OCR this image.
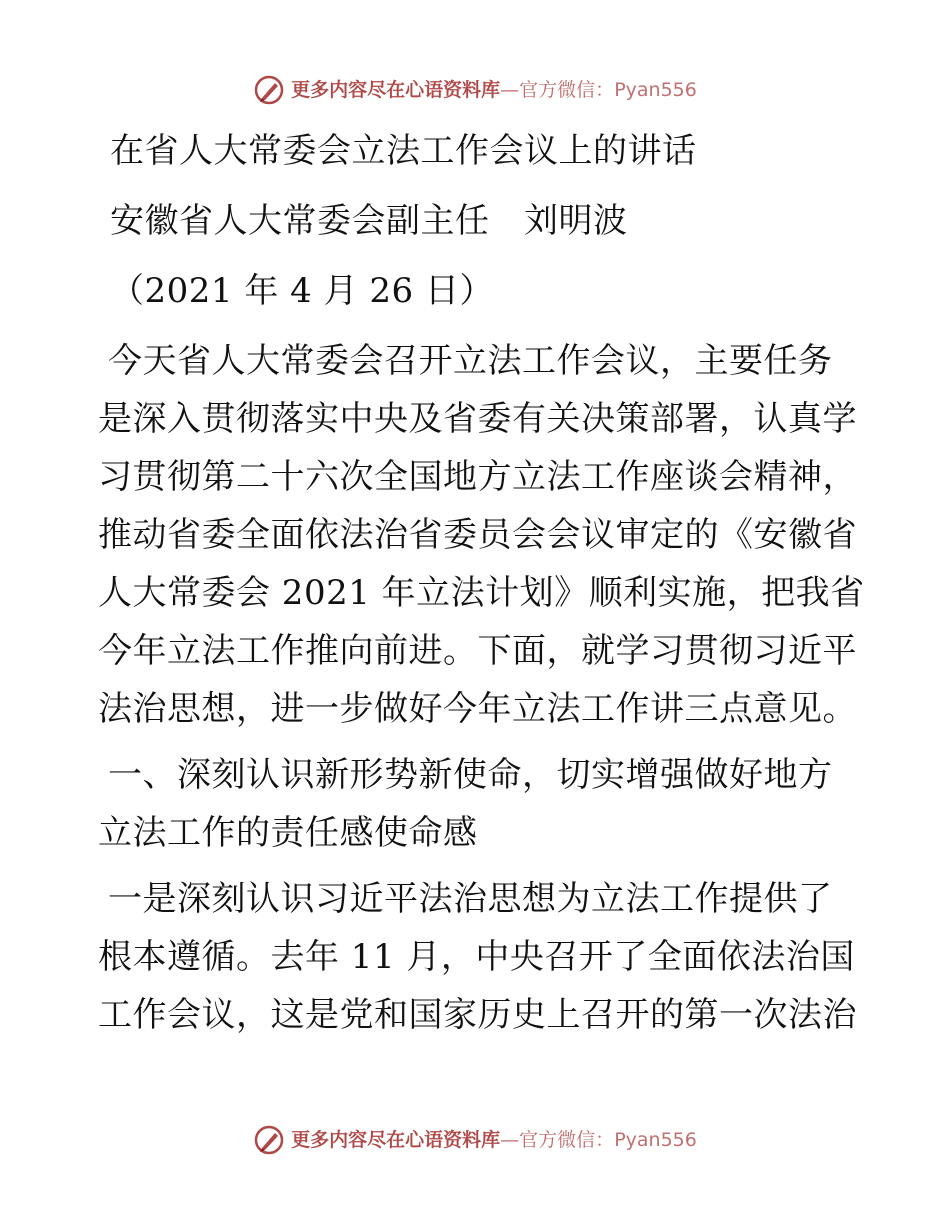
更多内容尽在心语资料库 — 官方微信： Pyan556
在省人大常委会立法工作会议上的讲话
安徽省人大常委会副主任　刘明波
（2021 年 4 月 26 日）
今天省人大常委会召开立法工作会议，主要任务
是深入贯彻落实中央及省委有关决策部署，认真学
习贯彻第二十六次全国地方立法工作座谈会精神，
推动省委全面依法治省委员会会议审定的《安徽省
人大常委会 2021 年立法计划》顺利实施，把我省
今年立法工作推向前进。下面，就学习贯彻习近平
法治思想，进一步做好今年立法工作讲三点意见。
一、深刻认识新形势新使命，切实增强做好地方
立法工作的责任感使命感
一是深刻认识习近平法治思想为立法工作提供了
根本遵循。去年 11 月，中央召开了全面依法治国
工作会议，这是党和国家历史上召开的第一次法治
更多内容尽在心语资料库 — 官方微信： Pyan556
